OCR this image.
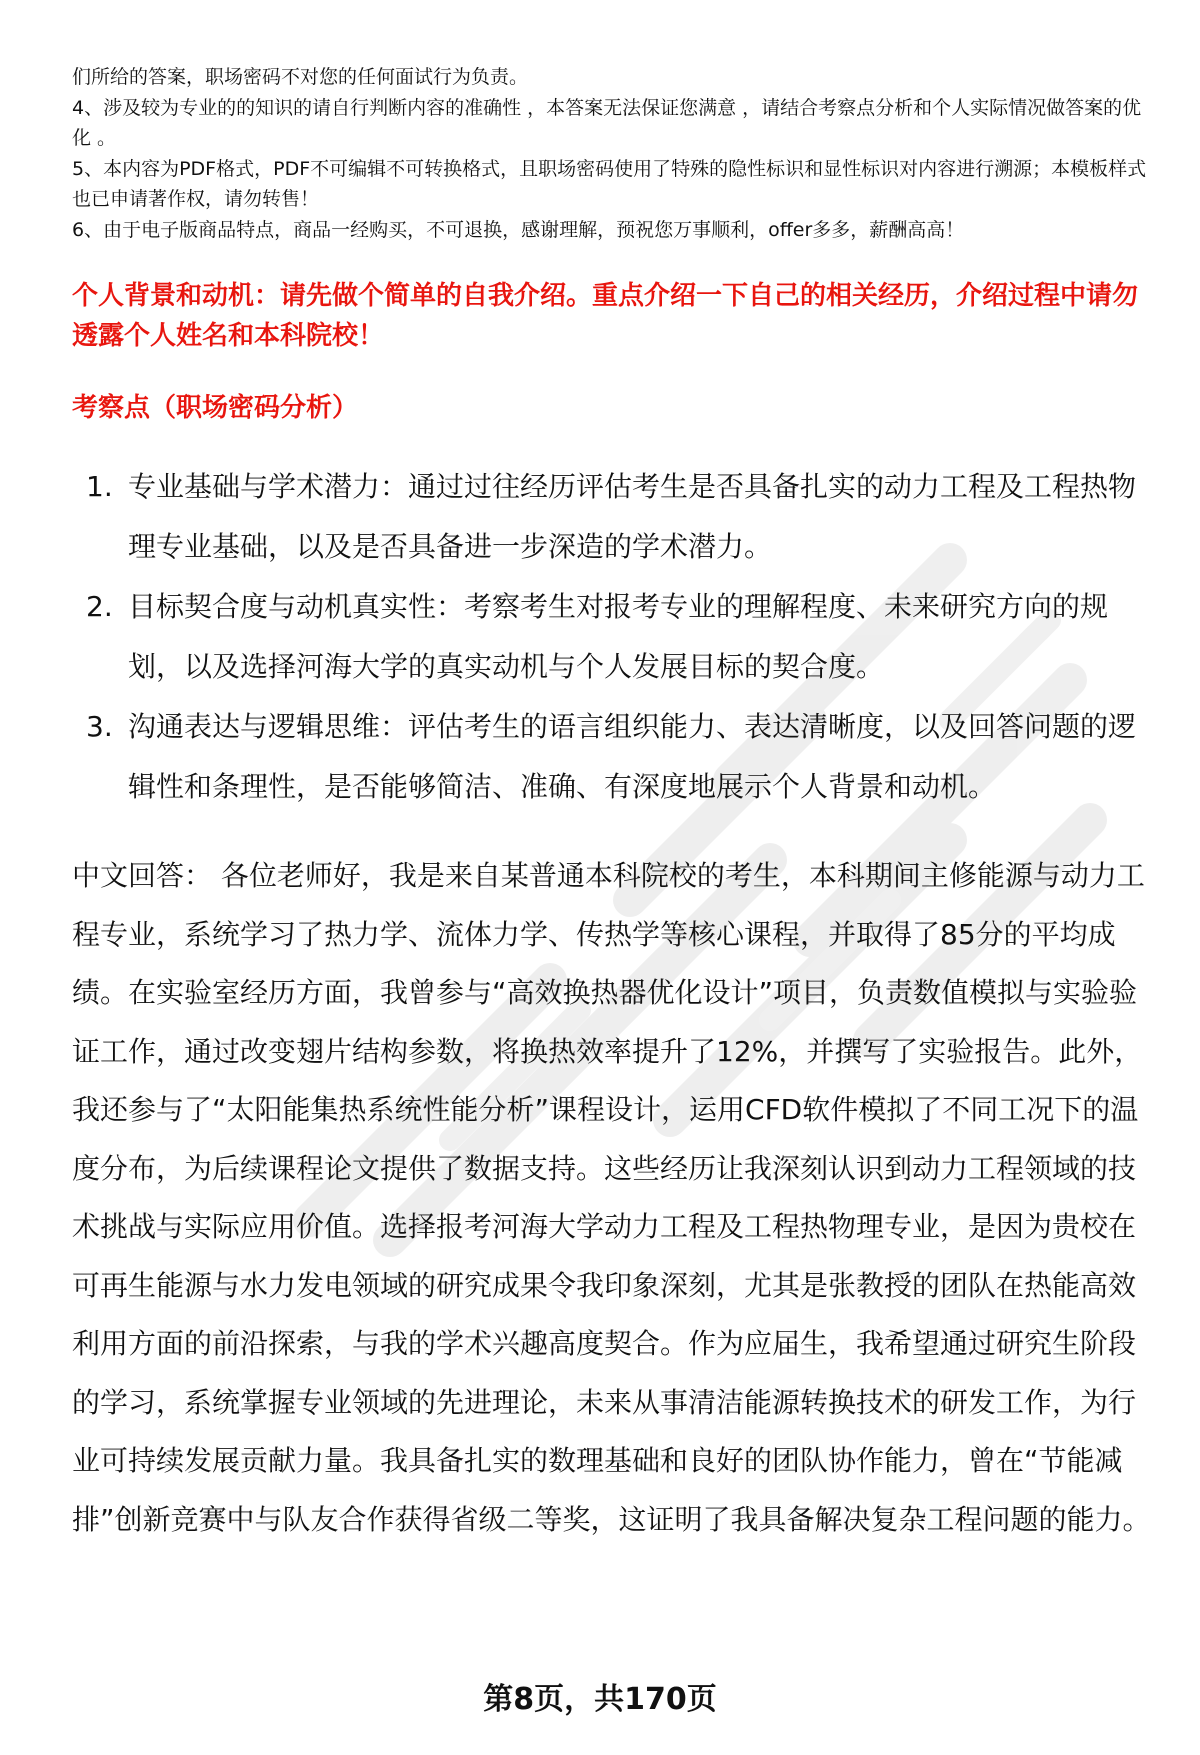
们所给的答案，职场密码不对您的任何面试行为负责。

4、涉及较为专业的的知识的请自行判断内容的准确性 ，本答案无法保证您满意 ，请结合考察点分析和个人实际情况做答案的优化 。

5、本内容为PDF格式，PDF不可编辑不可转换格式，且职场密码使用了特殊的隐性标识和显性标识对内容进行溯源；本模板样式也已申请著作权，请勿转售！

6、由于电子版商品特点，商品一经购买，不可退换，感谢理解，预祝您万事顺利，offer多多，薪酬高高！

个人背景和动机：请先做个简单的自我介绍。重点介绍一下自己的相关经历，介绍过程中请勿透露个人姓名和本科院校！
考察点（职场密码分析）
1. 专业基础与学术潜力：通过过往经历评估考生是否具备扎实的动力工程及工程热物理专业基础，以及是否具备进一步深造的学术潜力。
2. 目标契合度与动机真实性：考察考生对报考专业的理解程度、未来研究方向的规划，以及选择河海大学的真实动机与个人发展目标的契合度。
3. 沟通表达与逻辑思维：评估考生的语言组织能力、表达清晰度，以及回答问题的逻辑性和条理性，是否能够简洁、准确、有深度地展示个人背景和动机。

中文回答： 各位老师好，我是来自某普通本科院校的考生，本科期间主修能源与动力工程专业，系统学习了热力学、流体力学、传热学等核心课程，并取得了85分的平均成绩。在实验室经历方面，我曾参与“高效换热器优化设计”项目，负责数值模拟与实验验证工作，通过改变翅片结构参数，将换热效率提升了12%，并撰写了实验报告。此外，我还参与了“太阳能集热系统性能分析”课程设计，运用CFD软件模拟了不同工况下的温度分布，为后续课程论文提供了数据支持。这些经历让我深刻认识到动力工程领域的技术挑战与实际应用价值。选择报考河海大学动力工程及工程热物理专业，是因为贵校在可再生能源与水力发电领域的研究成果令我印象深刻，尤其是张教授的团队在热能高效利用方面的前沿探索，与我的学术兴趣高度契合。作为应届生，我希望通过研究生阶段的学习，系统掌握专业领域的先进理论，未来从事清洁能源转换技术的研发工作，为行业可持续发展贡献力量。我具备扎实的数理基础和良好的团队协作能力，曾在“节能减排”创新竞赛中与队友合作获得省级二等奖，这证明了我具备解决复杂工程问题的能力。

第8页，共170页
